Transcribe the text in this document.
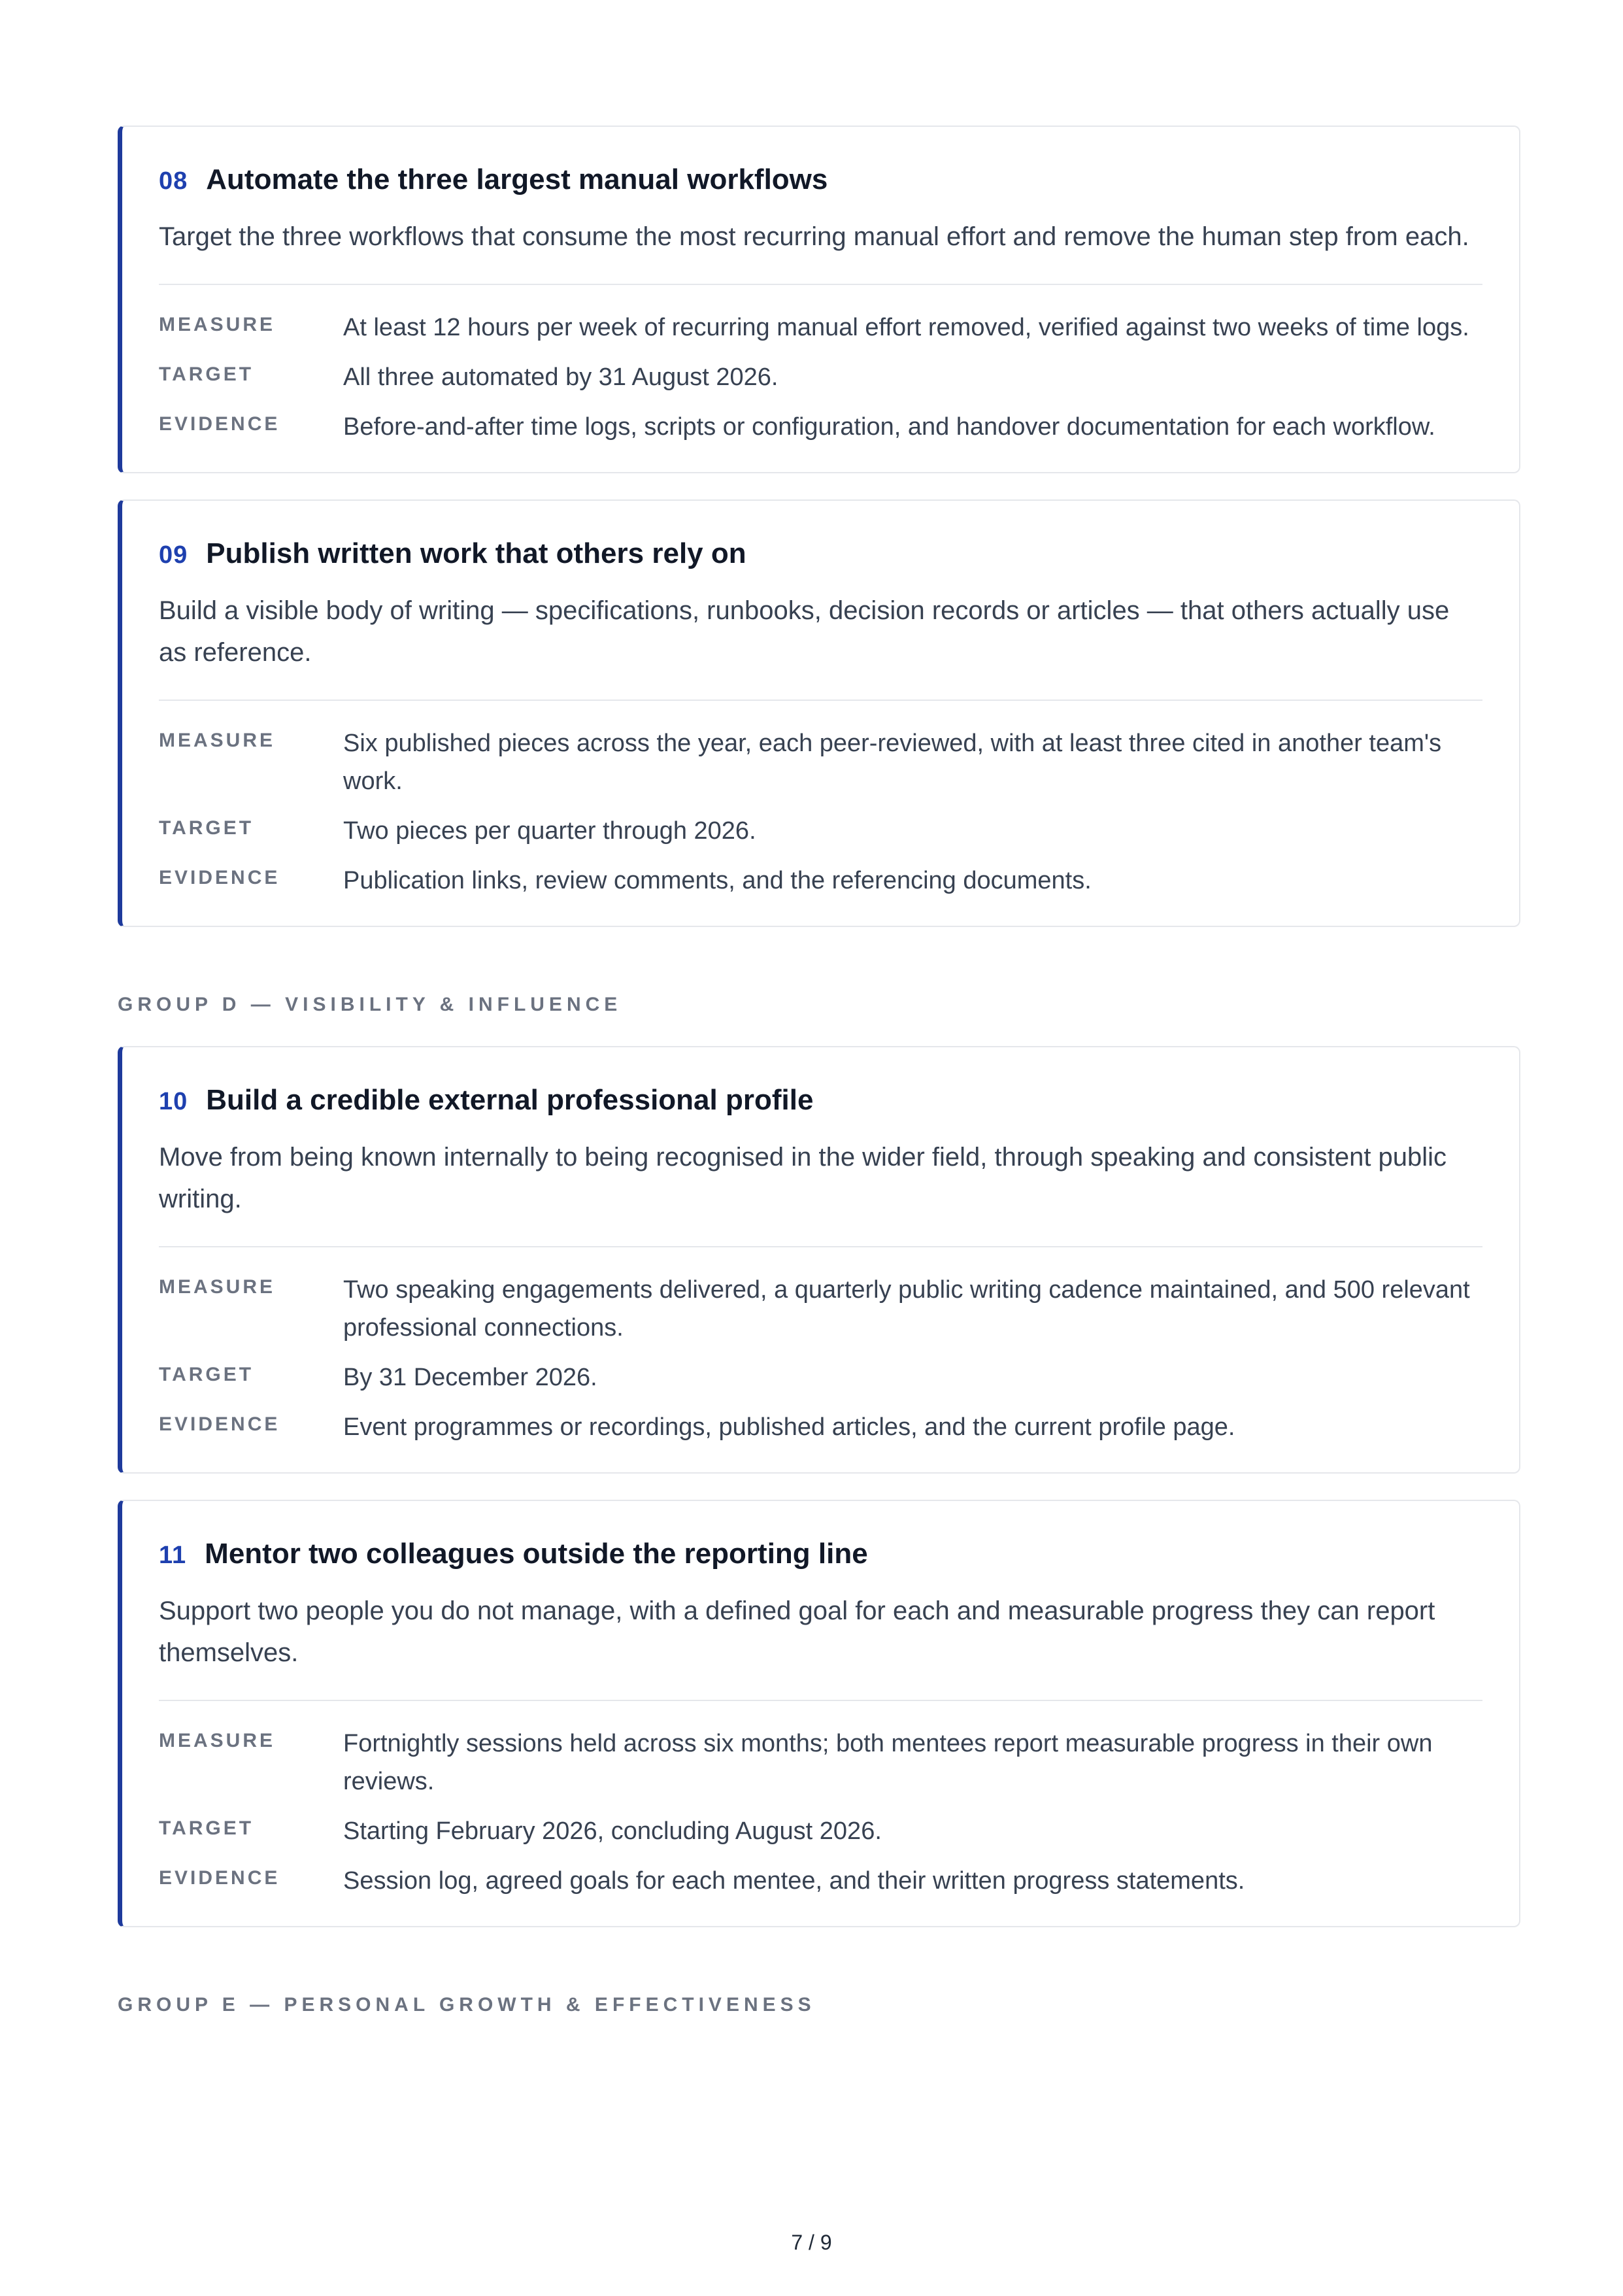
08 Automate the three largest manual workflows

Target the three workflows that consume the most recurring manual effort and remove the human step from each.

MEASURE	At least 12 hours per week of recurring manual effort removed, verified against two weeks of time logs.
TARGET	All three automated by 31 August 2026.
EVIDENCE	Before-and-after time logs, scripts or configuration, and handover documentation for each workflow.
09 Publish written work that others rely on

Build a visible body of writing — specifications, runbooks, decision records or articles — that others actually use as reference.

MEASURE	Six published pieces across the year, each peer-reviewed, with at least three cited in another team's work.
TARGET	Two pieces per quarter through 2026.
EVIDENCE	Publication links, review comments, and the referencing documents.
GROUP D — VISIBILITY & INFLUENCE
10 Build a credible external professional profile

Move from being known internally to being recognised in the wider field, through speaking and consistent public writing.

MEASURE	Two speaking engagements delivered, a quarterly public writing cadence maintained, and 500 relevant professional connections.
TARGET	By 31 December 2026.
EVIDENCE	Event programmes or recordings, published articles, and the current profile page.
11 Mentor two colleagues outside the reporting line

Support two people you do not manage, with a defined goal for each and measurable progress they can report themselves.

MEASURE	Fortnightly sessions held across six months; both mentees report measurable progress in their own reviews.
TARGET	Starting February 2026, concluding August 2026.
EVIDENCE	Session log, agreed goals for each mentee, and their written progress statements.
GROUP E — PERSONAL GROWTH & EFFECTIVENESS
7 / 9
